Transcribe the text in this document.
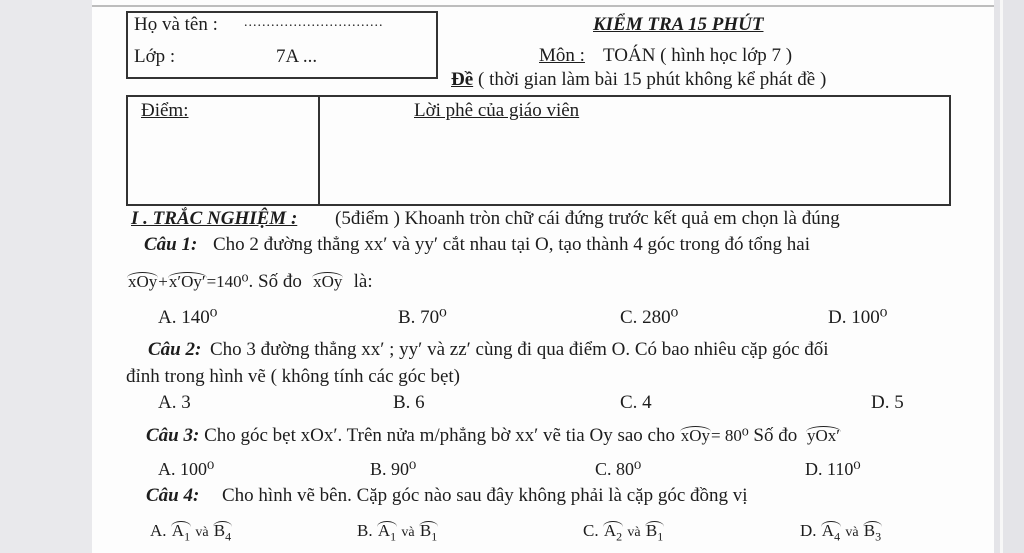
Họ và tên : ...............................
Lớp :	7A ...
KIỂM TRA 15 PHÚT
Môn : TOÁN ( hình học lớp 7 )
Đề ( thời gian làm bài 15 phút không kể phát đề )
Điểm:	Lời phê của giáo viên
I . TRẮC NGHIỆM : (5điểm ) Khoanh tròn chữ cái đứng trước kết quả em chọn là đúng
Câu 1: Cho 2 đường thẳng xx′ và yy′ cắt nhau tại O, tạo thành 4 góc trong đó tổng hai
xOy+x′Oy′=140⁰. Số đo xOy là:
A. 140⁰	B. 70⁰	C. 280⁰	D. 100⁰
Câu 2: Cho 3 đường thẳng xx′ ; yy′ và zz′ cùng đi qua điểm O. Có bao nhiêu cặp góc đối
đỉnh trong hình vẽ ( không tính các góc bẹt)
A. 3	B. 6	C. 4	D. 5
Câu 3: Cho góc bẹt xOx′. Trên nửa m/phẳng bờ xx′ vẽ tia Oy sao cho xOy= 80⁰ Số đo yOx′
A. 100⁰	B. 90⁰	C. 80⁰	D. 110⁰
Câu 4: Cho hình vẽ bên. Cặp góc nào sau đây không phải là cặp góc đồng vị
A. $A_1$ và $B_4$	B. $A_1$ và $B_1$	C. $A_2$ và $B_1$	D. $A_4$ và $B_3$
